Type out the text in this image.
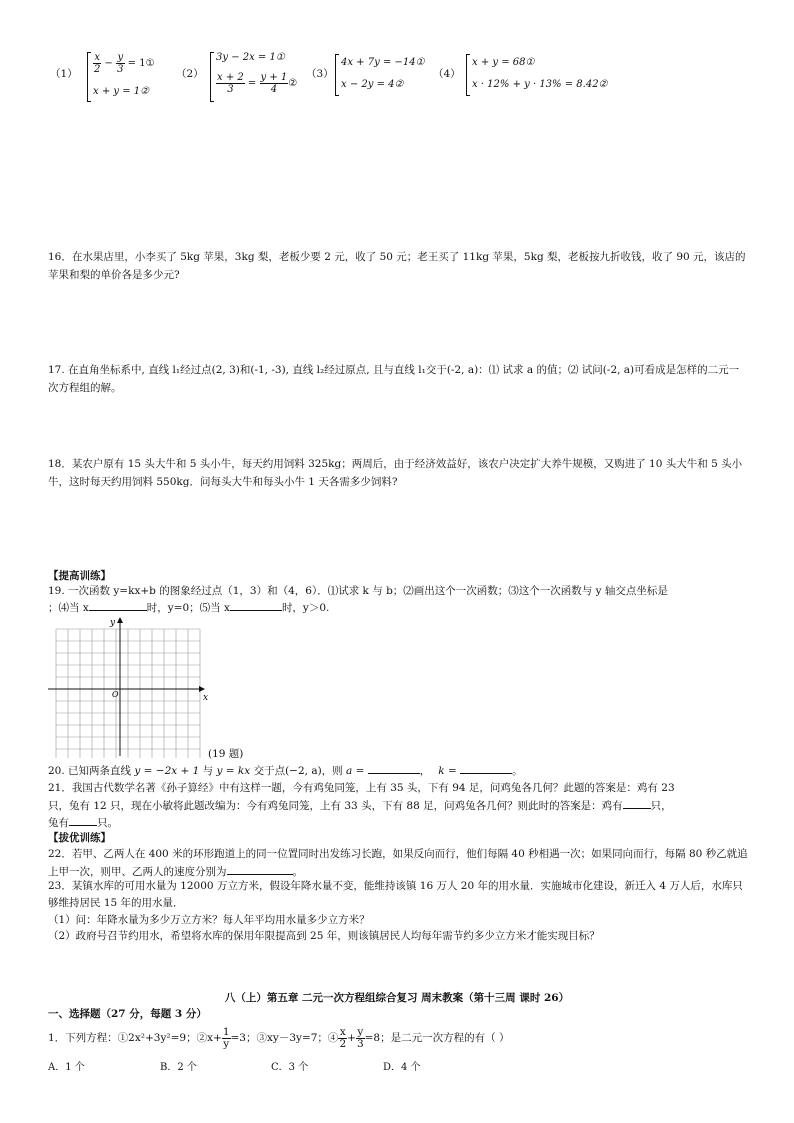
$(1) \frac{x}{2} - \frac{y}{3}$ = 1①
x + y = 1②
（2）
3y − 2x = 1①
$\frac{x + 2}{3} = \frac{y + 1}{4}$ ②
（3）
4x + 7y = −14①
x − 2y = 4②
（4）
x + y = 68①
x · 12% + y · 13% = 8.42②
16．在水果店里，小李买了 5kg 苹果，3kg 梨，老板少要 2 元，收了 50 元；老王买了 11kg 苹果，5kg 梨，老板按九折收钱，收了 90 元，该店的苹果和梨的单价各是多少元?
17. 在直角坐标系中, 直线 l₁经过点(2, 3)和(-1, -3), 直线 l₂经过原点, 且与直线 l₁交于(-2, a)：⑴ 试求 a 的值；⑵ 试问(-2, a)可看成是怎样的二元一次方程组的解。
18．某农户原有 15 头大牛和 5 头小牛，每天约用饲料 325kg；两周后，由于经济效益好，该农户决定扩大养牛规模，又购进了 10 头大牛和 5 头小牛，这时每天约用饲料 550kg．问每头大牛和每头小牛 1 天各需多少饲料?
【提高训练】
19. 一次函数 y=kx+b 的图象经过点（1，3）和（4，6）．⑴试求 k 与 b；⑵画出这个一次函数；⑶这个一次函数与 y 轴交点坐标是
；⑷当 x	时，y=0；⑸当 x	时，y＞0.
x
y
O
(19 题)
20. 已知两条直线 y = −2x + 1 与 y = kx 交于点(−2, a)，则 a =	， k =	。
21．我国古代数学名著《孙子算经》中有这样一题，今有鸡兔同笼，上有 35 头，下有 94 足，问鸡兔各几何？此题的答案是：鸡有 23
只，兔有 12 只，现在小敏将此题改编为：今有鸡兔同笼，上有 33 头，下有 88 足，问鸡兔各几何？则此时的答案是：鸡有	只，
兔有	只。
【拔优训练】
22．若甲、乙两人在 400 米的环形跑道上的同一位置同时出发练习长跑，如果反向而行，他们每隔 40 秒相遇一次；如果同向而行，每隔 80 秒乙就追上甲一次，则甲、乙两人的速度分别为	。
23．某镇水库的可用水量为 12000 万立方米，假设年降水量不变，能维持该镇 16 万人 20 年的用水量．实施城市化建设，新迁入 4 万人后，水库只够维持居民 15 年的用水量．
（1）问：年降水量为多少万立方米？每人年平均用水量多少立方米？
（2）政府号召节约用水，希望将水库的保用年限提高到 25 年，则该镇居民人均每年需节约多少立方米才能实现目标？
八（上）第五章 二元一次方程组综合复习 周末教案（第十三周 课时 26）
一、选择题（27 分，每题 3 分）
1．下列方程：①2x²+3y²=9；②x+ $\frac{1}{y} =3$；③xy－3y=7；④ $\frac{x}{2} + \frac{y}{3} =8$；是二元一次方程的有（ ）
A．1 个	B．2 个	C．3 个	D．4 个
